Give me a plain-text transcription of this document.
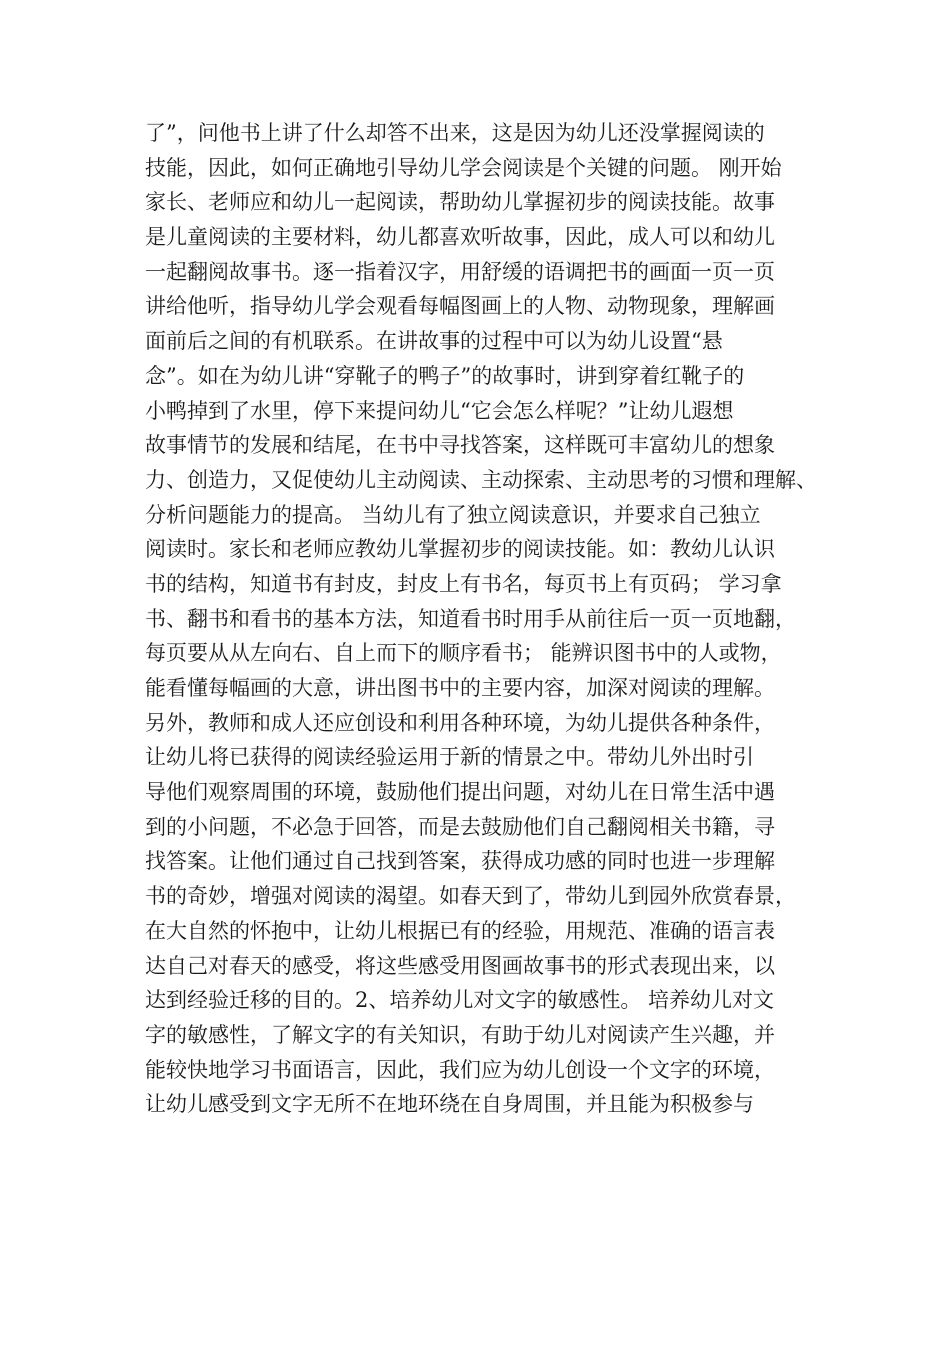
了”，问他书上讲了什么却答不出来，这是因为幼儿还没掌握阅读的
技能，因此，如何正确地引导幼儿学会阅读是个关键的问题。 刚开始
家长、老师应和幼儿一起阅读，帮助幼儿掌握初步的阅读技能。故事
是儿童阅读的主要材料，幼儿都喜欢听故事，因此，成人可以和幼儿
一起翻阅故事书。逐一指着汉字，用舒缓的语调把书的画面一页一页
讲给他听，指导幼儿学会观看每幅图画上的人物、动物现象，理解画
面前后之间的有机联系。在讲故事的过程中可以为幼儿设置“悬
念”。如在为幼儿讲“穿靴子的鸭子”的故事时，讲到穿着红靴子的
小鸭掉到了水里，停下来提问幼儿“它会怎么样呢？”让幼儿遐想
故事情节的发展和结尾，在书中寻找答案，这样既可丰富幼儿的想象
力、创造力，又促使幼儿主动阅读、主动探索、主动思考的习惯和理解、
分析问题能力的提高。 当幼儿有了独立阅读意识，并要求自己独立
阅读时。家长和老师应教幼儿掌握初步的阅读技能。如：教幼儿认识
书的结构，知道书有封皮，封皮上有书名，每页书上有页码； 学习拿
书、翻书和看书的基本方法，知道看书时用手从前往后一页一页地翻，
每页要从从左向右、自上而下的顺序看书； 能辨识图书中的人或物，
能看懂每幅画的大意，讲出图书中的主要内容，加深对阅读的理解。
另外，教师和成人还应创设和利用各种环境，为幼儿提供各种条件，
让幼儿将已获得的阅读经验运用于新的情景之中。带幼儿外出时引
导他们观察周围的环境，鼓励他们提出问题，对幼儿在日常生活中遇
到的小问题，不必急于回答，而是去鼓励他们自己翻阅相关书籍，寻
找答案。让他们通过自己找到答案，获得成功感的同时也进一步理解
书的奇妙，增强对阅读的渴望。如春天到了，带幼儿到园外欣赏春景，
在大自然的怀抱中，让幼儿根据已有的经验，用规范、准确的语言表
达自己对春天的感受，将这些感受用图画故事书的形式表现出来，以
达到经验迁移的目的。2、培养幼儿对文字的敏感性。 培养幼儿对文
字的敏感性，了解文字的有关知识，有助于幼儿对阅读产生兴趣，并
能较快地学习书面语言，因此，我们应为幼儿创设一个文字的环境，
让幼儿感受到文字无所不在地环绕在自身周围，并且能为积极参与
